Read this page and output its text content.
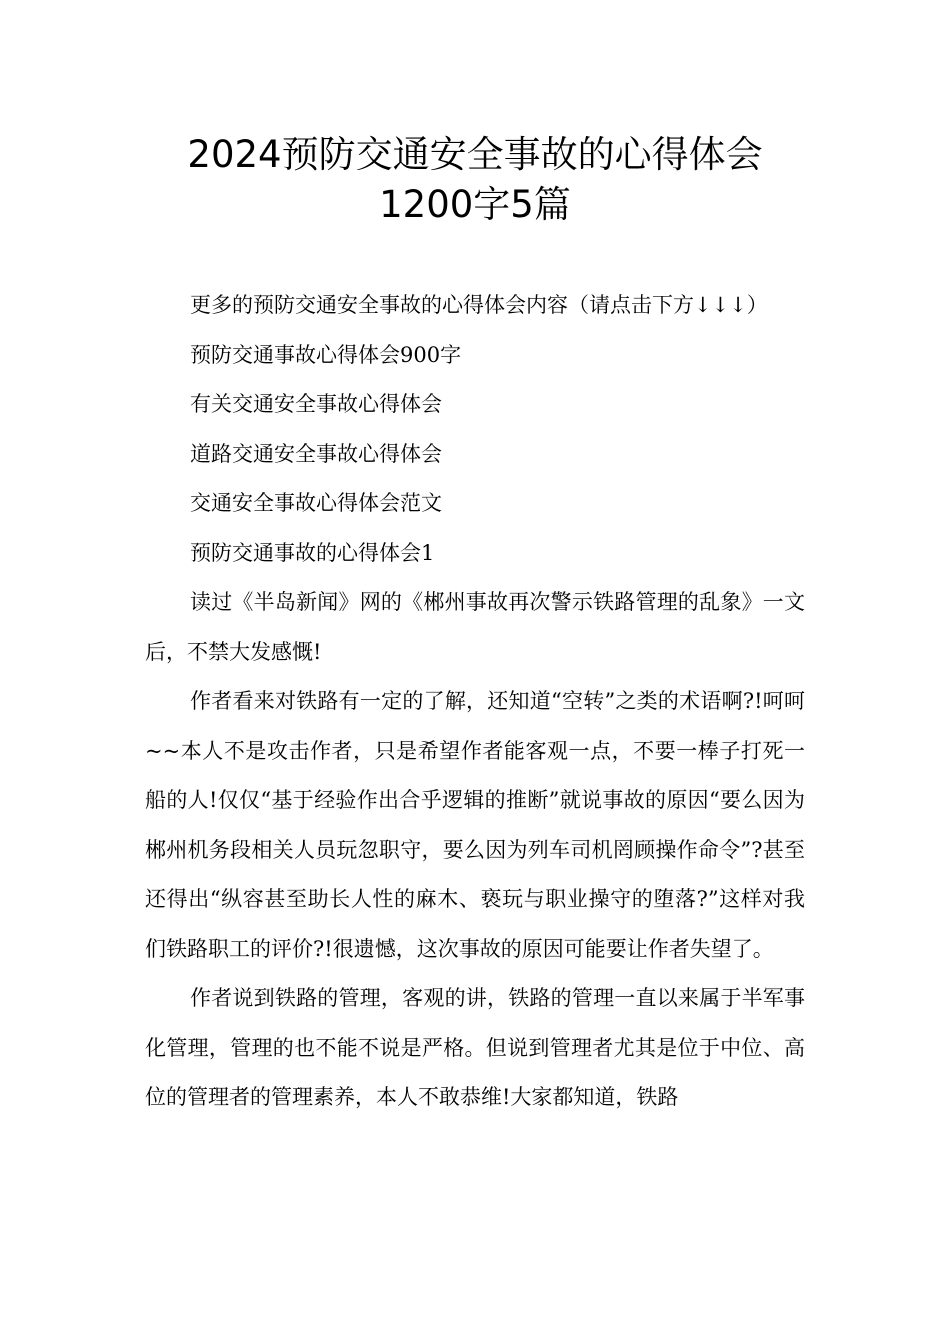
2024预防交通安全事故的心得体会
1200字5篇

更多的预防交通安全事故的心得体会内容（请点击下方↓↓↓）

预防交通事故心得体会900字

有关交通安全事故心得体会

道路交通安全事故心得体会

交通安全事故心得体会范文

预防交通事故的心得体会1

读过《半岛新闻》网的《郴州事故再次警示铁路管理的乱象》一文后，不禁大发感慨!

作者看来对铁路有一定的了解，还知道“空转”之类的术语啊?!呵呵~~本人不是攻击作者，只是希望作者能客观一点，不要一棒子打死一船的人!仅仅“基于经验作出合乎逻辑的推断”就说事故的原因“要么因为郴州机务段相关人员玩忽职守，要么因为列车司机罔顾操作命令”?甚至还得出“纵容甚至助长人性的麻木、亵玩与职业操守的堕落?”这样对我们铁路职工的评价?!很遗憾，这次事故的原因可能要让作者失望了。

作者说到铁路的管理，客观的讲，铁路的管理一直以来属于半军事化管理，管理的也不能不说是严格。但说到管理者尤其是位于中位、高位的管理者的管理素养，本人不敢恭维!大家都知道，铁路
